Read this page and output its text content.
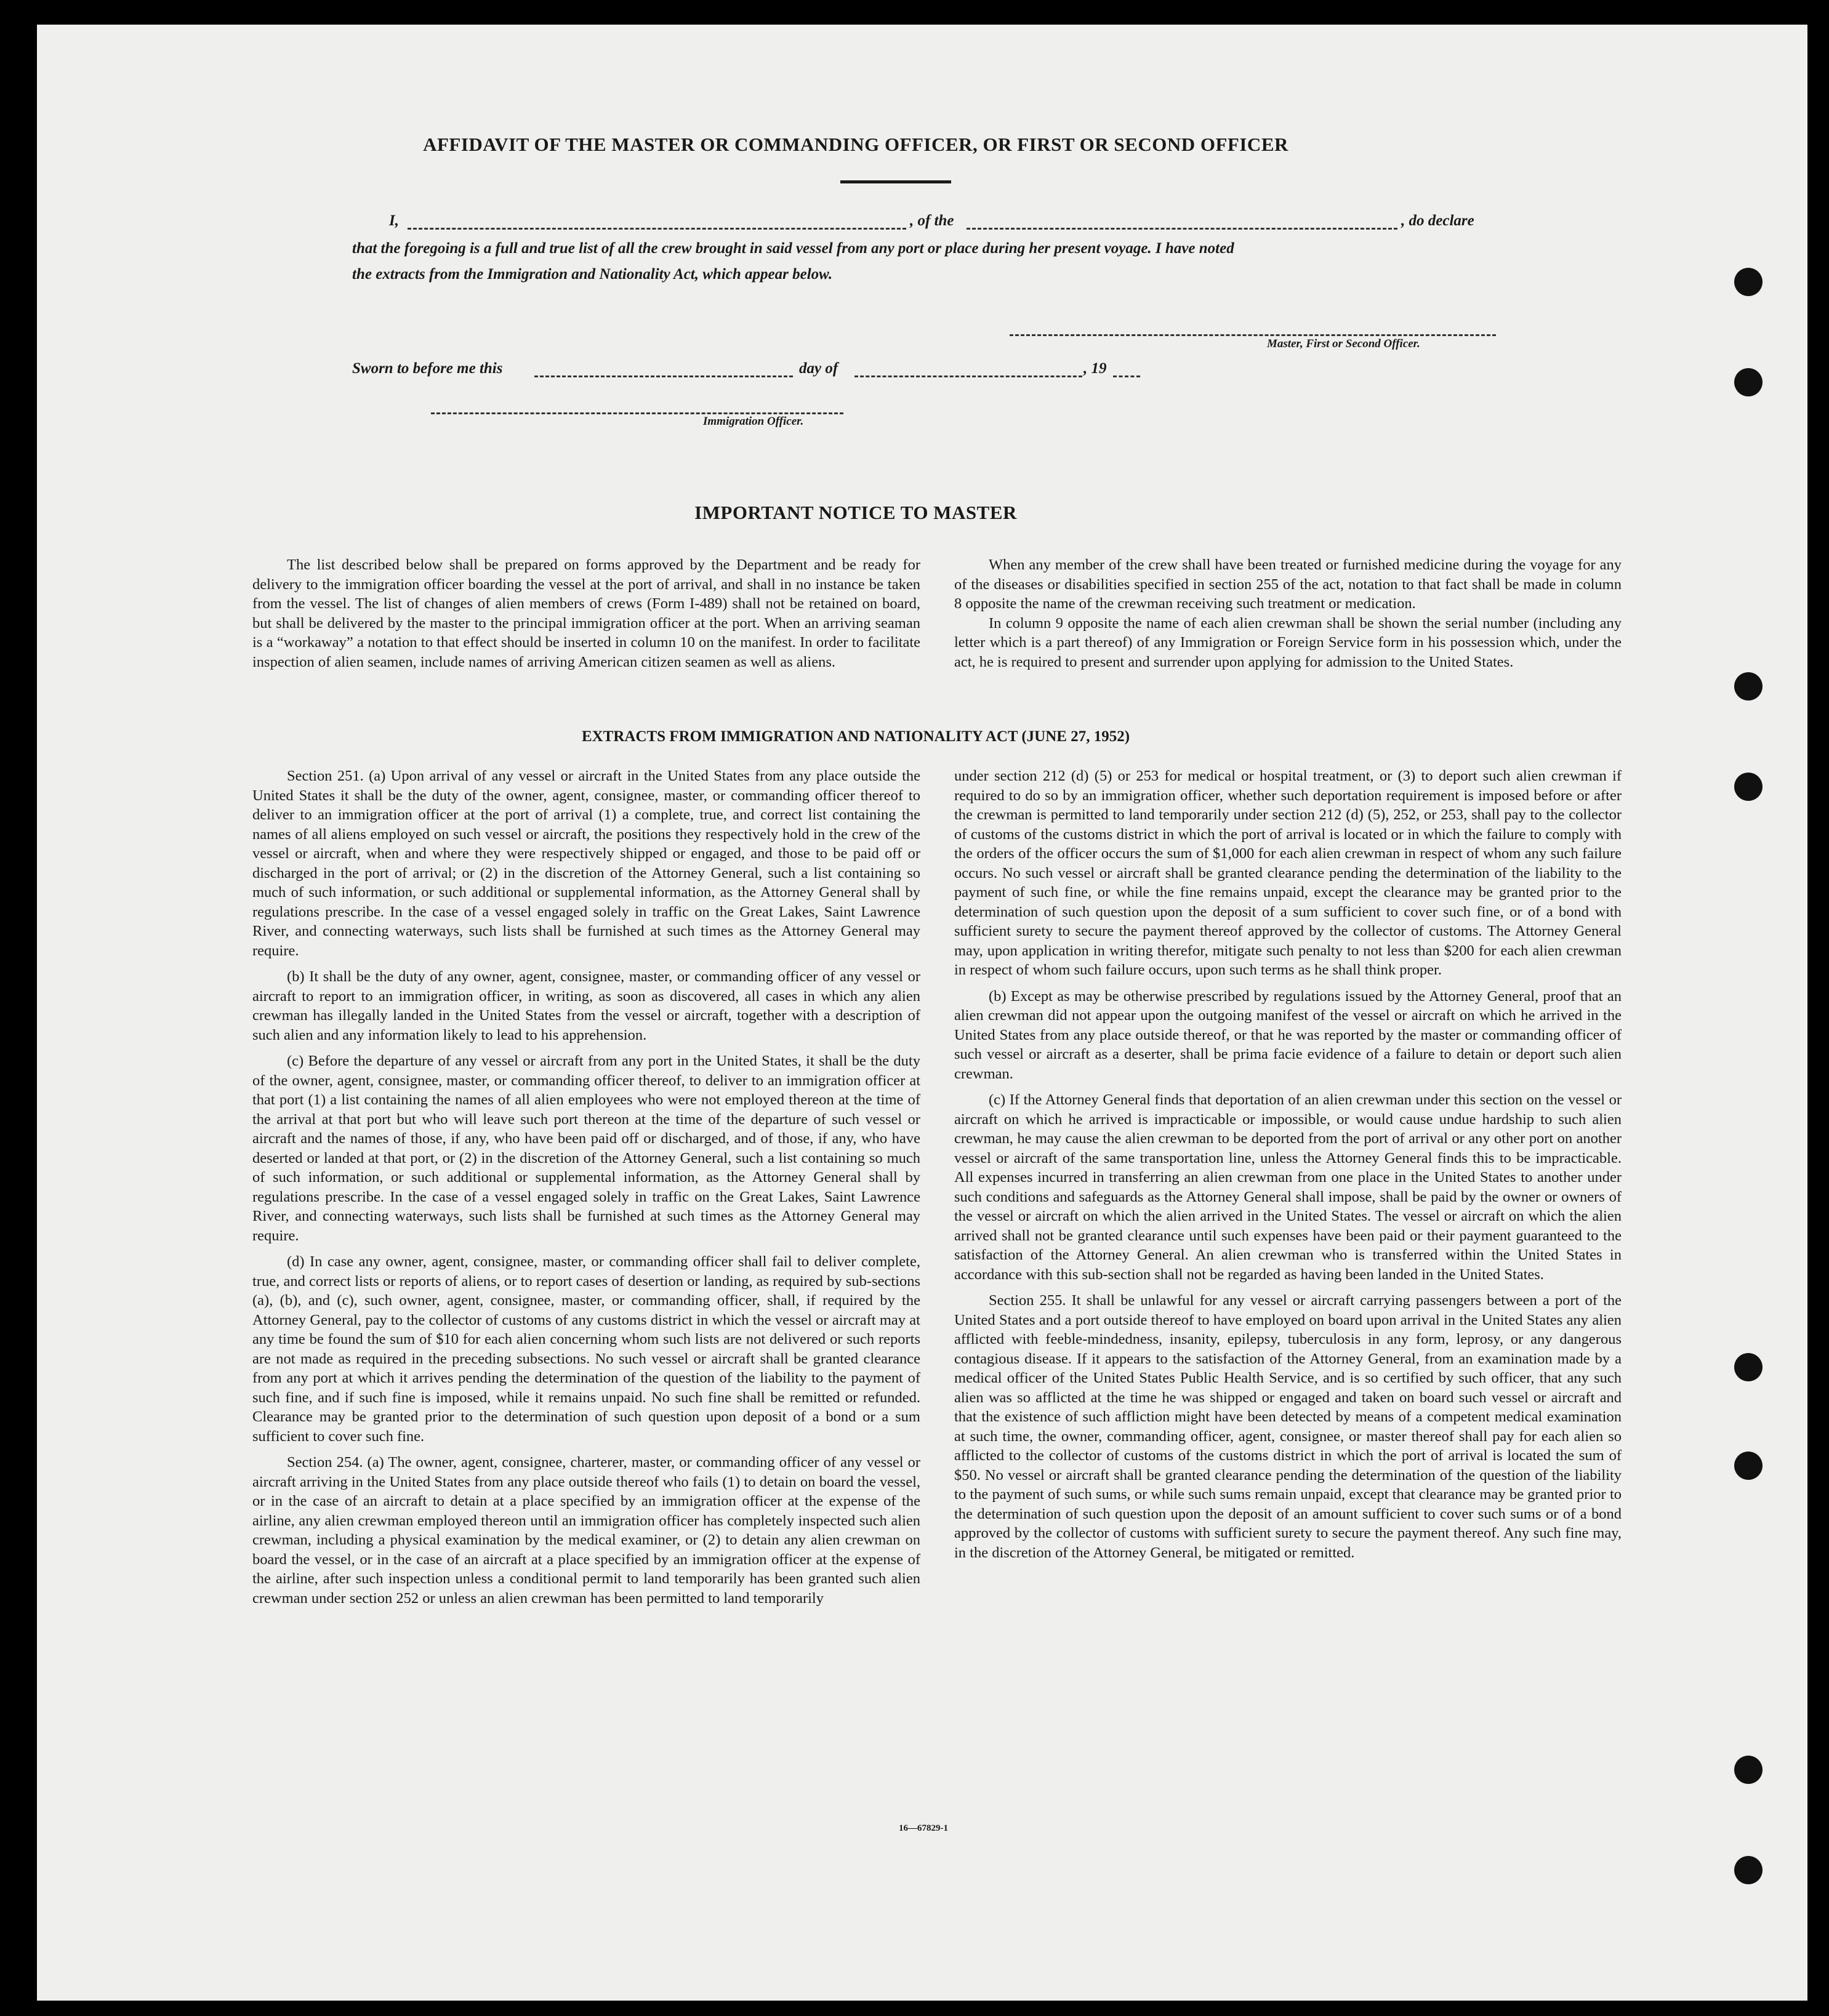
AFFIDAVIT OF THE MASTER OR COMMANDING OFFICER, OR FIRST OR SECOND OFFICER
I,	, of the	, do declare
that the foregoing is a full and true list of all the crew brought in said vessel from any port or place during her present voyage. I have noted
the extracts from the Immigration and Nationality Act, which appear below.
Master, First or Second Officer.
Sworn to before me this	day of	, 19
Immigration Officer.
IMPORTANT NOTICE TO MASTER

The list described below shall be prepared on forms approved by the Department and be ready for delivery to the immigration officer boarding the vessel at the port of arrival, and shall in no instance be taken from the vessel. The list of changes of alien members of crews (Form I-489) shall not be retained on board, but shall be delivered by the master to the principal immigration officer at the port. When an arriving seaman is a “workaway” a notation to that effect should be inserted in column 10 on the manifest. In order to facilitate inspection of alien seamen, include names of arriving American citizen seamen as well as aliens.

When any member of the crew shall have been treated or furnished medicine during the voyage for any of the diseases or disabilities specified in section 255 of the act, notation to that fact shall be made in column 8 opposite the name of the crewman receiving such treatment or medication.

In column 9 opposite the name of each alien crewman shall be shown the serial number (including any letter which is a part thereof) of any Immigration or Foreign Service form in his possession which, under the act, he is required to present and surrender upon applying for admission to the United States.

EXTRACTS FROM IMMIGRATION AND NATIONALITY ACT (JUNE 27, 1952)

Section 251. (a) Upon arrival of any vessel or aircraft in the United States from any place outside the United States it shall be the duty of the owner, agent, consignee, master, or commanding officer thereof to deliver to an immigration officer at the port of arrival (1) a complete, true, and correct list containing the names of all aliens employed on such vessel or aircraft, the positions they respectively hold in the crew of the vessel or aircraft, when and where they were respectively shipped or engaged, and those to be paid off or discharged in the port of arrival; or (2) in the discretion of the Attorney General, such a list containing so much of such information, or such additional or supplemental information, as the Attorney General shall by regulations prescribe. In the case of a vessel engaged solely in traffic on the Great Lakes, Saint Lawrence River, and connecting waterways, such lists shall be furnished at such times as the Attorney General may require.

(b) It shall be the duty of any owner, agent, consignee, master, or commanding officer of any vessel or aircraft to report to an immigration officer, in writing, as soon as discovered, all cases in which any alien crewman has illegally landed in the United States from the vessel or aircraft, together with a description of such alien and any information likely to lead to his apprehension.

(c) Before the departure of any vessel or aircraft from any port in the United States, it shall be the duty of the owner, agent, consignee, master, or commanding officer thereof, to deliver to an immigration officer at that port (1) a list containing the names of all alien employees who were not employed thereon at the time of the arrival at that port but who will leave such port thereon at the time of the departure of such vessel or aircraft and the names of those, if any, who have been paid off or discharged, and of those, if any, who have deserted or landed at that port, or (2) in the discretion of the Attorney General, such a list containing so much of such information, or such additional or supplemental information, as the Attorney General shall by regulations prescribe. In the case of a vessel engaged solely in traffic on the Great Lakes, Saint Lawrence River, and connecting waterways, such lists shall be furnished at such times as the Attorney General may require.

(d) In case any owner, agent, consignee, master, or commanding officer shall fail to deliver complete, true, and correct lists or reports of aliens, or to report cases of desertion or landing, as required by sub-sections (a), (b), and (c), such owner, agent, consignee, master, or commanding officer, shall, if required by the Attorney General, pay to the collector of customs of any customs district in which the vessel or aircraft may at any time be found the sum of $10 for each alien concerning whom such lists are not delivered or such reports are not made as required in the preceding subsections. No such vessel or aircraft shall be granted clearance from any port at which it arrives pending the determination of the question of the liability to the payment of such fine, and if such fine is imposed, while it remains unpaid. No such fine shall be remitted or refunded. Clearance may be granted prior to the determination of such question upon deposit of a bond or a sum sufficient to cover such fine.

Section 254. (a) The owner, agent, consignee, charterer, master, or commanding officer of any vessel or aircraft arriving in the United States from any place outside thereof who fails (1) to detain on board the vessel, or in the case of an aircraft to detain at a place specified by an immigration officer at the expense of the airline, any alien crewman employed thereon until an immigration officer has completely inspected such alien crewman, including a physical examination by the medical examiner, or (2) to detain any alien crewman on board the vessel, or in the case of an aircraft at a place specified by an immigration officer at the expense of the airline, after such inspection unless a conditional permit to land temporarily has been granted such alien crewman under section 252 or unless an alien crewman has been permitted to land temporarily

under section 212 (d) (5) or 253 for medical or hospital treatment, or (3) to deport such alien crewman if required to do so by an immigration officer, whether such deportation requirement is imposed before or after the crewman is permitted to land temporarily under section 212 (d) (5), 252, or 253, shall pay to the collector of customs of the customs district in which the port of arrival is located or in which the failure to comply with the orders of the officer occurs the sum of $1,000 for each alien crewman in respect of whom any such failure occurs. No such vessel or aircraft shall be granted clearance pending the determination of the liability to the payment of such fine, or while the fine remains unpaid, except the clearance may be granted prior to the determination of such question upon the deposit of a sum sufficient to cover such fine, or of a bond with sufficient surety to secure the payment thereof approved by the collector of customs. The Attorney General may, upon application in writing therefor, mitigate such penalty to not less than $200 for each alien crewman in respect of whom such failure occurs, upon such terms as he shall think proper.

(b) Except as may be otherwise prescribed by regulations issued by the Attorney General, proof that an alien crewman did not appear upon the outgoing manifest of the vessel or aircraft on which he arrived in the United States from any place outside thereof, or that he was reported by the master or commanding officer of such vessel or aircraft as a deserter, shall be prima facie evidence of a failure to detain or deport such alien crewman.

(c) If the Attorney General finds that deportation of an alien crewman under this section on the vessel or aircraft on which he arrived is impracticable or impossible, or would cause undue hardship to such alien crewman, he may cause the alien crewman to be deported from the port of arrival or any other port on another vessel or aircraft of the same transportation line, unless the Attorney General finds this to be impracticable. All expenses incurred in transferring an alien crewman from one place in the United States to another under such conditions and safeguards as the Attorney General shall impose, shall be paid by the owner or owners of the vessel or aircraft on which the alien arrived in the United States. The vessel or aircraft on which the alien arrived shall not be granted clearance until such expenses have been paid or their payment guaranteed to the satisfaction of the Attorney General. An alien crewman who is transferred within the United States in accordance with this sub-section shall not be regarded as having been landed in the United States.

Section 255. It shall be unlawful for any vessel or aircraft carrying passengers between a port of the United States and a port outside thereof to have employed on board upon arrival in the United States any alien afflicted with feeble-mindedness, insanity, epilepsy, tuberculosis in any form, leprosy, or any dangerous contagious disease. If it appears to the satisfaction of the Attorney General, from an examination made by a medical officer of the United States Public Health Service, and is so certified by such officer, that any such alien was so afflicted at the time he was shipped or engaged and taken on board such vessel or aircraft and that the existence of such affliction might have been detected by means of a competent medical examination at such time, the owner, commanding officer, agent, consignee, or master thereof shall pay for each alien so afflicted to the collector of customs of the customs district in which the port of arrival is located the sum of $50. No vessel or aircraft shall be granted clearance pending the determination of the question of the liability to the payment of such sums, or while such sums remain unpaid, except that clearance may be granted prior to the determination of such question upon the deposit of an amount sufficient to cover such sums or of a bond approved by the collector of customs with sufficient surety to secure the payment thereof. Any such fine may, in the discretion of the Attorney General, be mitigated or remitted.

16—67829-1
